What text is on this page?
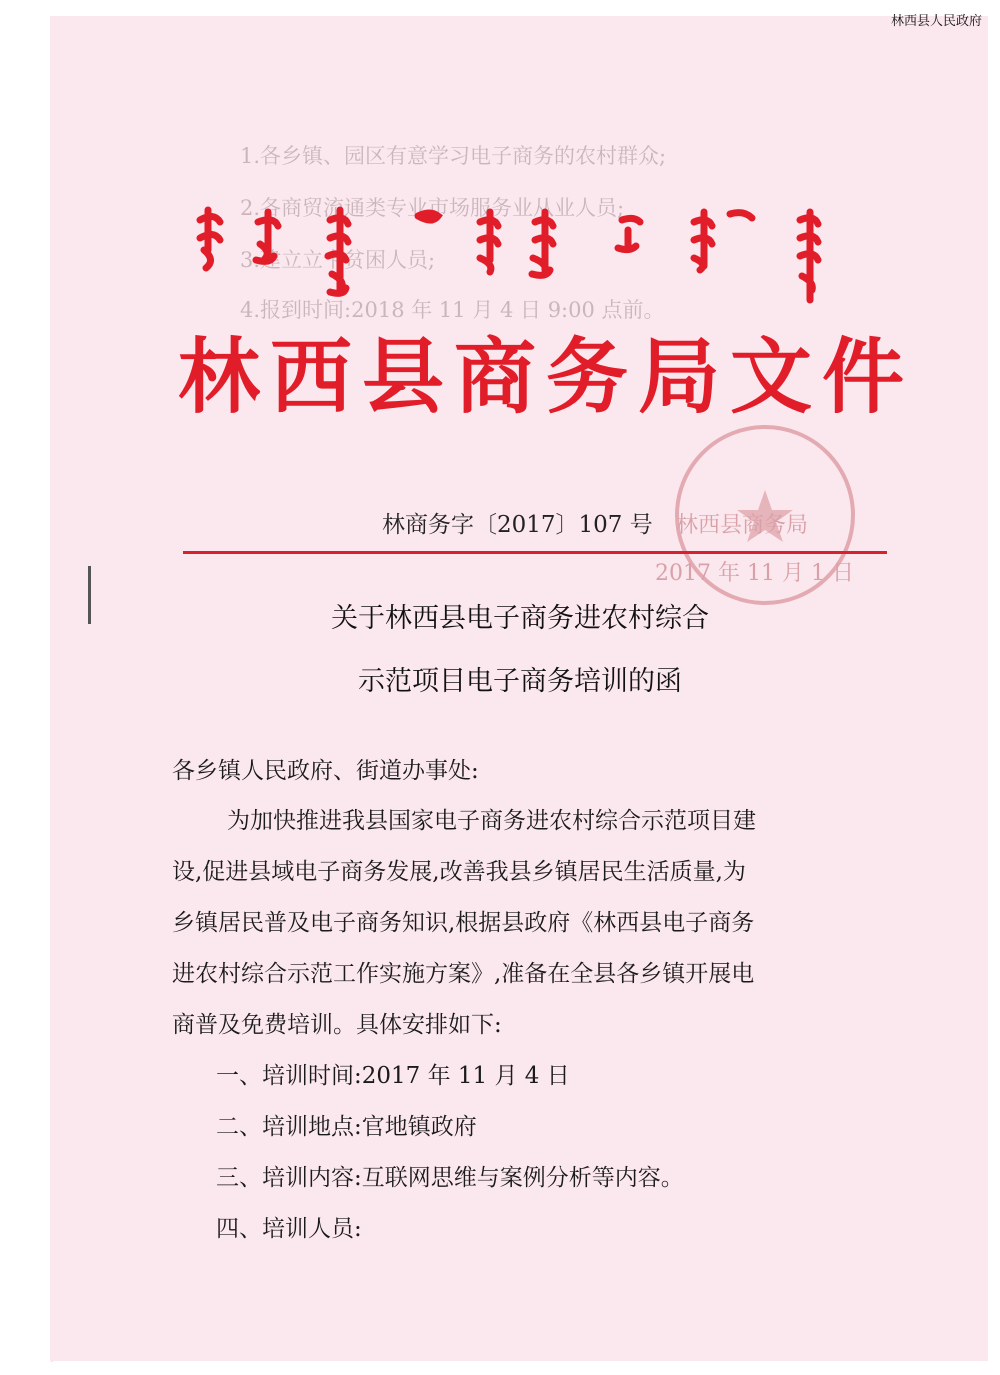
林西县人民政府
1.各乡镇、园区有意学习电子商务的农村群众;
2.各商贸流通类专业市场服务业从业人员;
3.建立立卡贫困人员;
4.报到时间:2018 年 11 月 4 日 9:00 点前。
林西县商务局文件
林商务字〔2017〕107 号 林西县商务局
2017 年 11 月 1 日
关于林西县电子商务进农村综合
示范项目电子商务培训的函
各乡镇人民政府、街道办事处:
为加快推进我县国家电子商务进农村综合示范项目建
设,促进县域电子商务发展,改善我县乡镇居民生活质量,为
乡镇居民普及电子商务知识,根据县政府《林西县电子商务
进农村综合示范工作实施方案》,准备在全县各乡镇开展电
商普及免费培训。具体安排如下:
一、培训时间:2017 年 11 月 4 日
二、培训地点:官地镇政府
三、培训内容:互联网思维与案例分析等内容。
四、培训人员:
